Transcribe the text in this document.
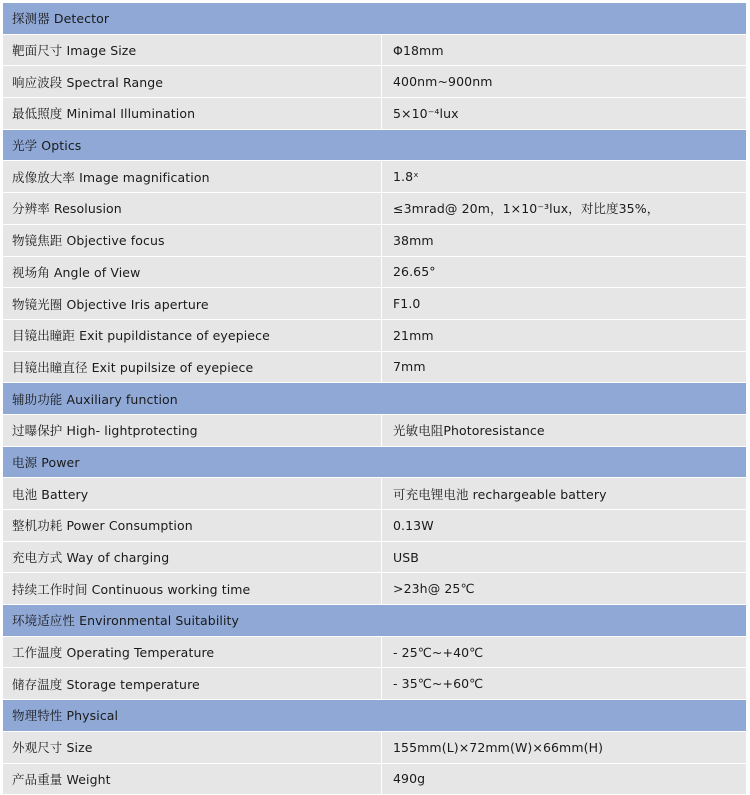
探测器 Detector	
靶面尺寸 Image Size	Φ18mm
响应波段 Spectral Range	400nm~900nm
最低照度 Minimal Illumination	5×10⁻⁴lux
光学 Optics	
成像放大率 Image magnification	1.8ˣ
分辨率 Resolusion	≤3mrad@ 20m，1×10⁻³lux，对比度35%，
物镜焦距 Objective focus	38mm
视场角 Angle of View	26.65°
物镜光圈 Objective Iris aperture	F1.0
目镜出瞳距 Exit pupildistance of eyepiece	21mm
目镜出瞳直径 Exit pupilsize of eyepiece	7mm
辅助功能 Auxiliary function	
过曝保护 High- lightprotecting	光敏电阻Photoresistance
电源 Power	
电池 Battery	可充电锂电池 rechargeable battery
整机功耗 Power Consumption	0.13W
充电方式 Way of charging	USB
持续工作时间 Continuous working time	>23h@ 25℃
环境适应性 Environmental Suitability	
工作温度 Operating Temperature	- 25℃~+40℃
储存温度 Storage temperature	- 35℃~+60℃
物理特性 Physical	
外观尺寸 Size	155mm(L)×72mm(W)×66mm(H)
产品重量 Weight	490g
